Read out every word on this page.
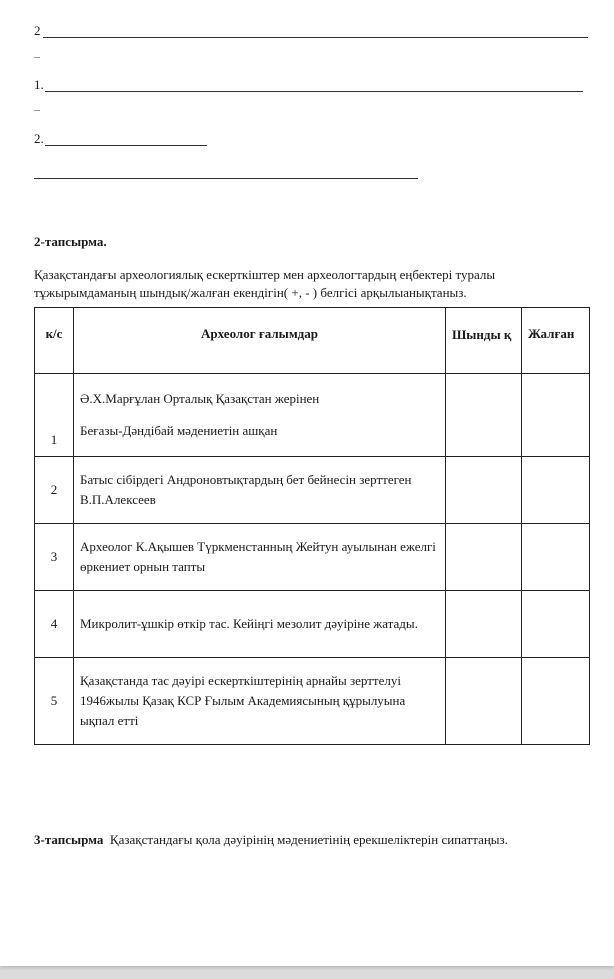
2
–
1.
–
2.
2-тапсырма.
Қазақстандағы археологиялық ескерткіштер мен археологтардың еңбектері туралы тұжырымдаманың шындық/жалған екендігін( +, - ) белгісі арқылыанықтаныз.
к/с	Археолог ғалымдар	Шынды қ	Жалған
1	Ә.Х.Марғұлан Орталық Қазақстан жерінен
Беғазы-Дәндібай мәдениетін ашқан		
2	Батыс сібірдегі Андроновтықтардың бет бейнесін зерттеген В.П.Алексеев		
3	Археолог К.Ақышев Түркменстанның Жейтун ауылынан ежелгі өркениет орнын тапты		
4	Микролит-ұшкір өткір тас. Кейіңгі мезолит дәуіріне жатады.		
5	Қазақстанда тас дәуірі ескерткіштерінің арнайы зерттелуі 1946жылы Қазақ КСР Ғылым Академиясының құрылуына ықпал етті		
3-тапсырма Қазақстандағы қола дәуірінің мәдениетінің ерекшеліктерін сипаттаңыз.
